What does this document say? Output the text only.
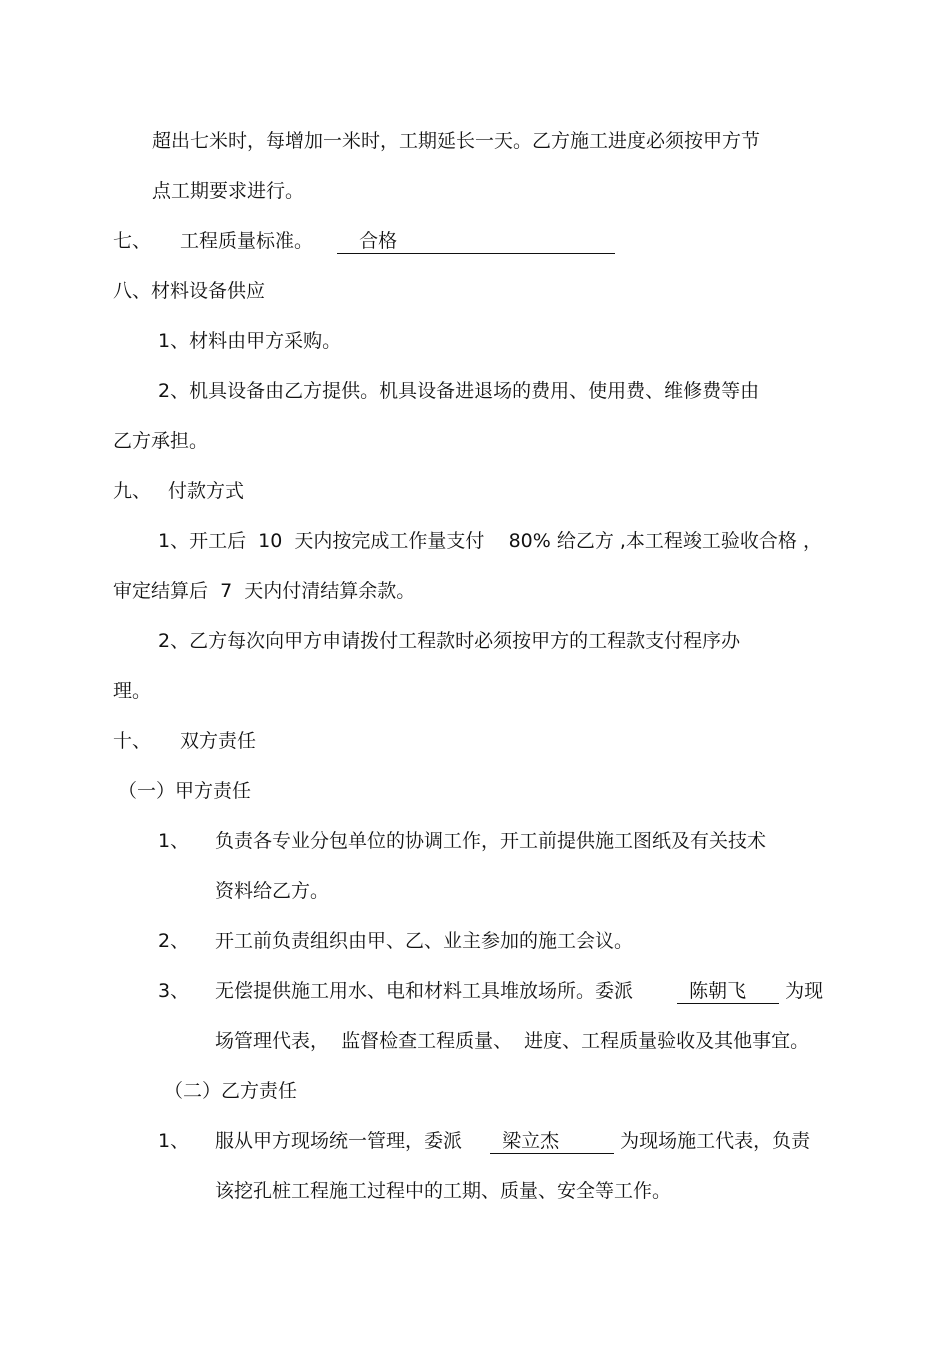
超出七米时，每增加一米时，工期延长一天。乙方施工进度必须按甲方节
点工期要求进行。
七、 工程质量标准。 合格
八、材料设备供应
1、材料由甲方采购。
2、机具设备由乙方提供。机具设备进退场的费用、使用费、维修费等由
乙方承担。
九、 付款方式
1、开工后  10  天内按完成工作量支付    80% 给乙方 ,本工程竣工验收合格 ，
审定结算后  7  天内付清结算余款。
2、乙方每次向甲方申请拨付工程款时必须按甲方的工程款支付程序办
理。
十、 双方责任
（一）甲方责任
1、 负责各专业分包单位的协调工作，开工前提供施工图纸及有关技术
资料给乙方。
2、 开工前负责组织由甲、乙、业主参加的施工会议。
3、 无偿提供施工用水、电和材料工具堆放场所。委派	陈朝飞 为现
场管理代表，  监督检查工程质量、  进度、工程质量验收及其他事宜。
（二）乙方责任
1、 服从甲方现场统一管理，委派 梁立杰	为现场施工代表，负责
该挖孔桩工程施工过程中的工期、质量、安全等工作。
